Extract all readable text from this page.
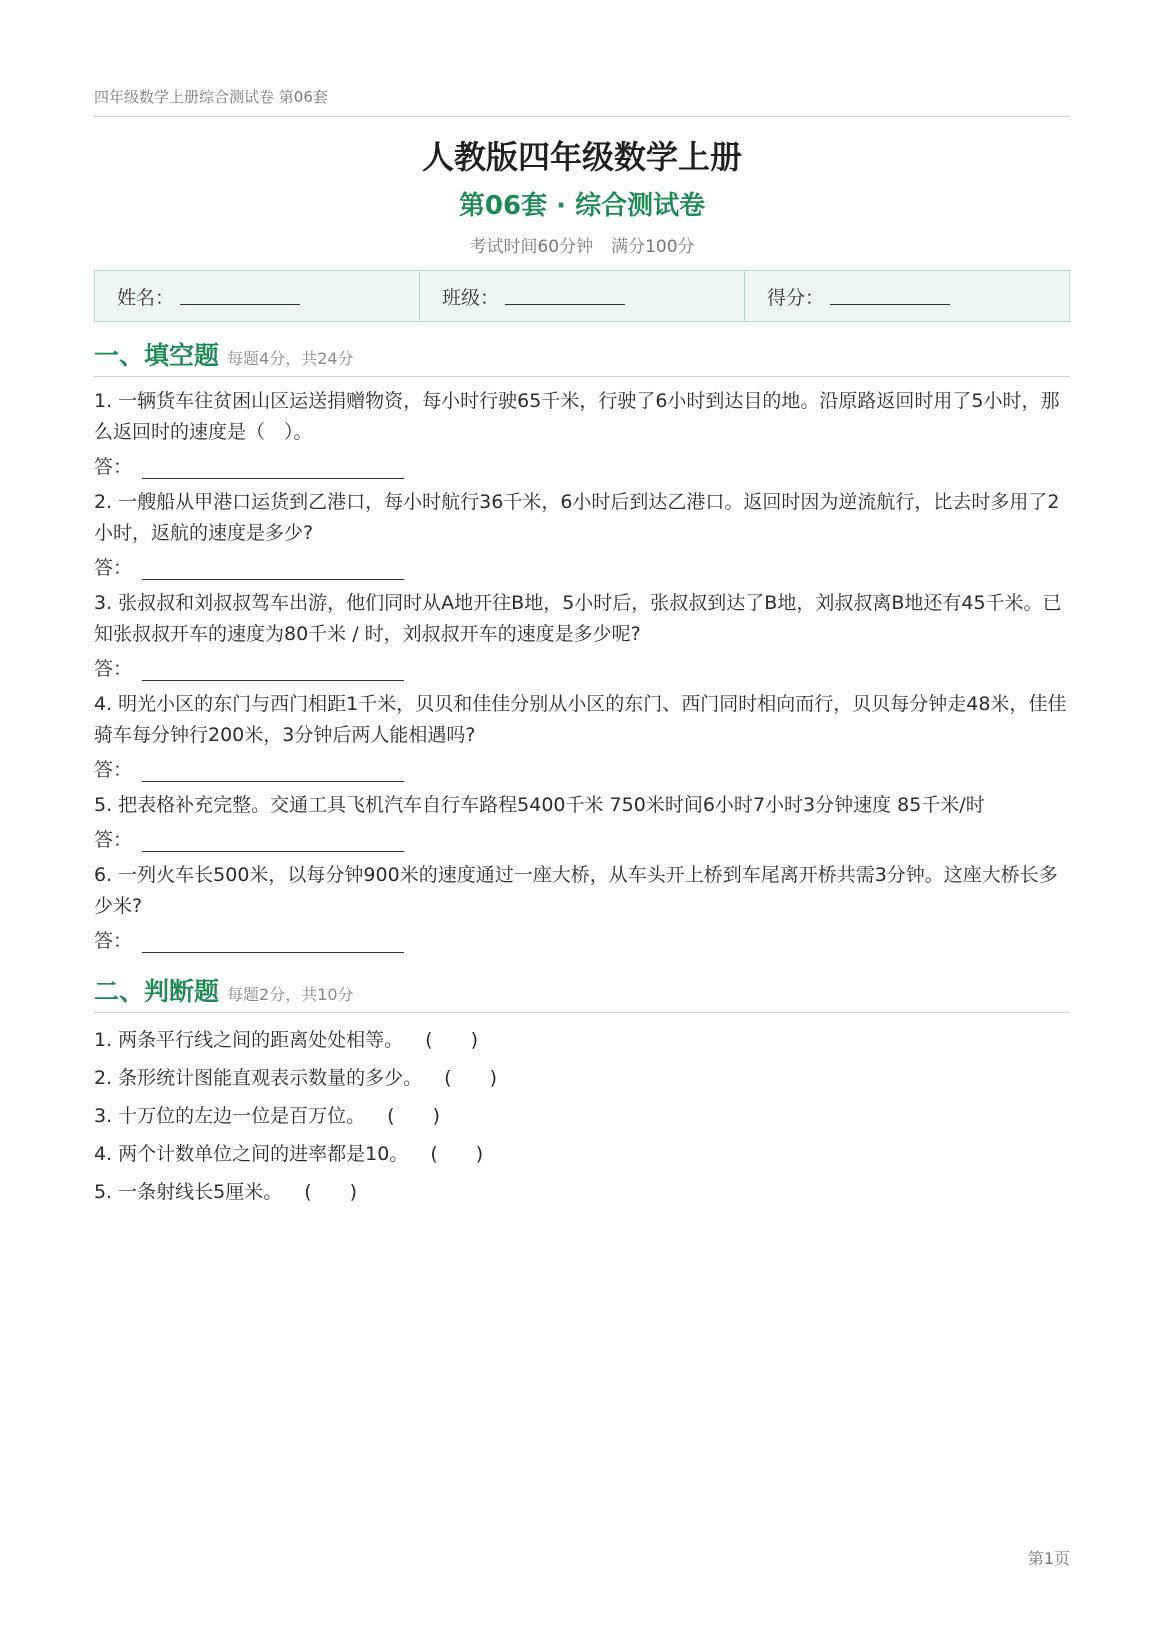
四年级数学上册综合测试卷 第06套
人教版四年级数学上册
第06套 · 综合测试卷
考试时间60分钟 满分100分
姓名：	班级：	得分：
一、填空题 每题4分，共24分
1. 一辆货车往贫困山区运送捐赠物资，每小时行驶65千米，行驶了6小时到达目的地。沿原路返回时用了5小时，那么返回时的速度是（　）。
答：
2. 一艘船从甲港口运货到乙港口，每小时航行36千米，6小时后到达乙港口。返回时因为逆流航行，比去时多用了2小时，返航的速度是多少?
答：
3. 张叔叔和刘叔叔驾车出游，他们同时从A地开往B地，5小时后，张叔叔到达了B地，刘叔叔离B地还有45千米。已知张叔叔开车的速度为80千米 / 时，刘叔叔开车的速度是多少呢?
答：
4. 明光小区的东门与西门相距1千米，贝贝和佳佳分别从小区的东门、西门同时相向而行，贝贝每分钟走48米，佳佳骑车每分钟行200米，3分钟后两人能相遇吗?
答：
5. 把表格补充完整。交通工具飞机汽车自行车路程5400千米 750米时间6小时7小时3分钟速度 85千米/时
答：
6. 一列火车长500米，以每分钟900米的速度通过一座大桥，从车头开上桥到车尾离开桥共需3分钟。这座大桥长多少米?
答：
二、判断题 每题2分，共10分
1. 两条平行线之间的距离处处相等。 (　　)
2. 条形统计图能直观表示数量的多少。 (　　)
3. 十万位的左边一位是百万位。 (　　)
4. 两个计数单位之间的进率都是10。 (　　)
5. 一条射线长5厘米。 (　　)
第1页
